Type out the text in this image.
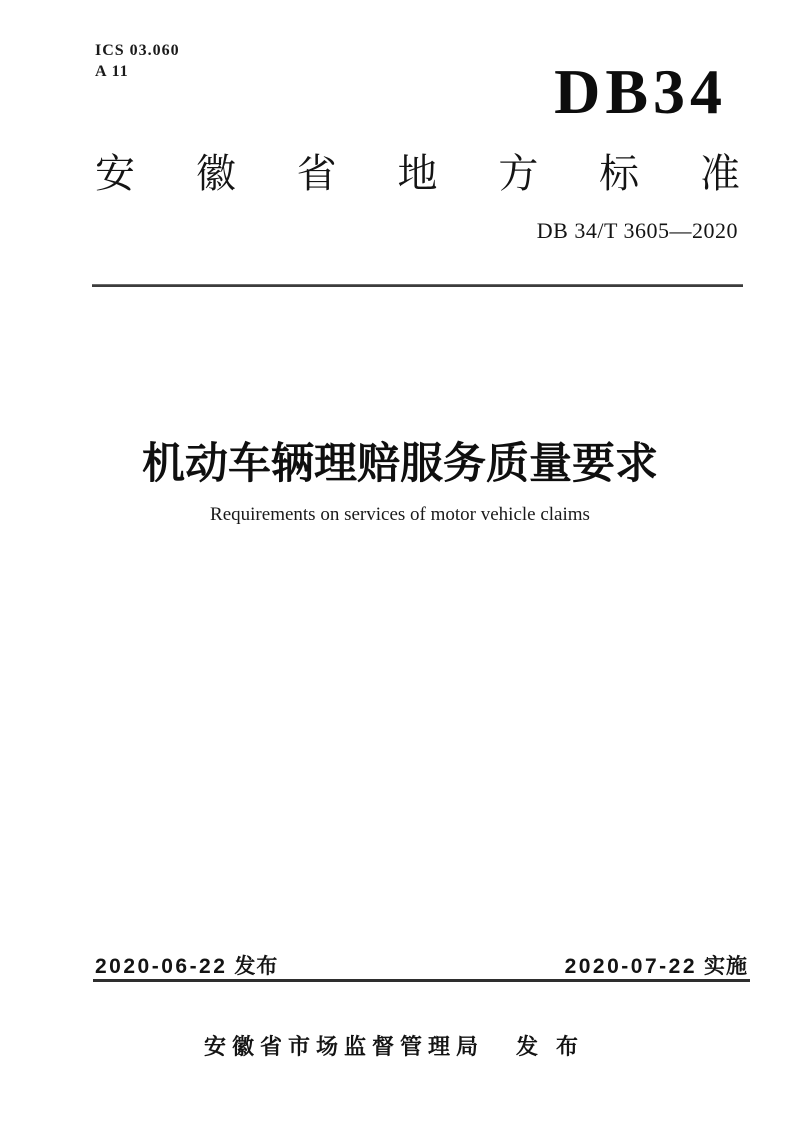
ICS 03.060
A 11	DB34
安 徽 省 地 方 标 准
DB 34/T 3605—2020
机动车辆理赔服务质量要求
Requirements on services of motor vehicle claims
2020-06-22 发布	2020-07-22 实施
安徽省市场监督管理局 发布
